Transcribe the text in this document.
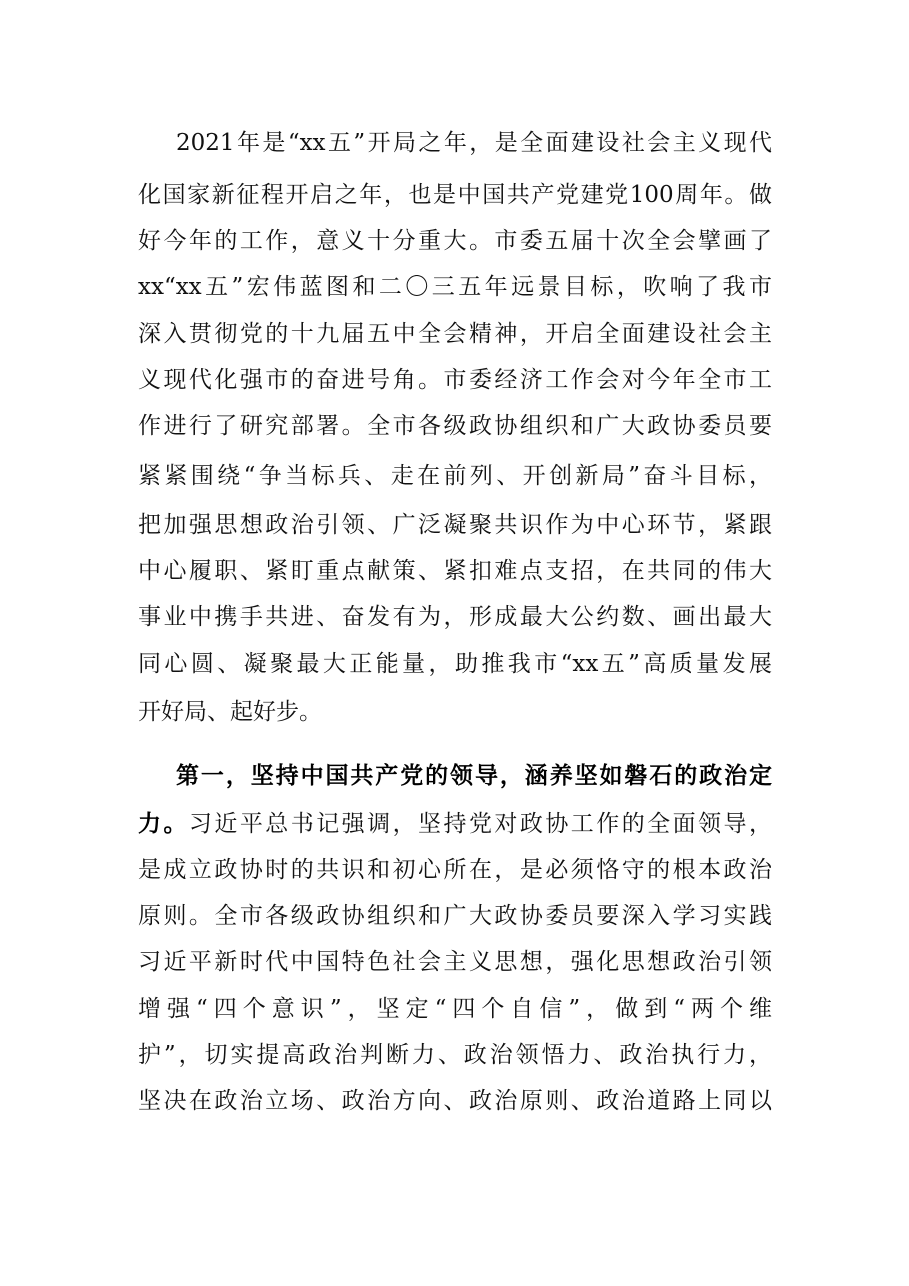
2021年是“xx五”开局之年，是全面建设社会主义现代
化国家新征程开启之年，也是中国共产党建党100周年。做
好今年的工作，意义十分重大。市委五届十次全会擘画了
xx“xx五”宏伟蓝图和二〇三五年远景目标，吹响了我市
深入贯彻党的十九届五中全会精神，开启全面建设社会主
义现代化强市的奋进号角。市委经济工作会对今年全市工
作进行了研究部署。全市各级政协组织和广大政协委员要
紧紧围绕“争当标兵、走在前列、开创新局”奋斗目标，
把加强思想政治引领、广泛凝聚共识作为中心环节，紧跟
中心履职、紧盯重点献策、紧扣难点支招，在共同的伟大
事业中携手共进、奋发有为，形成最大公约数、画出最大
同心圆、凝聚最大正能量，助推我市“xx五”高质量发展
开好局、起好步。
第一，坚持中国共产党的领导，涵养坚如磐石的政治定
力。习近平总书记强调，坚持党对政协工作的全面领导，
是成立政协时的共识和初心所在，是必须恪守的根本政治
原则。全市各级政协组织和广大政协委员要深入学习实践
习近平新时代中国特色社会主义思想，强化思想政治引领
增强“四个意识”，坚定“四个自信”，做到“两个维
护”，切实提高政治判断力、政治领悟力、政治执行力，
坚决在政治立场、政治方向、政治原则、政治道路上同以
